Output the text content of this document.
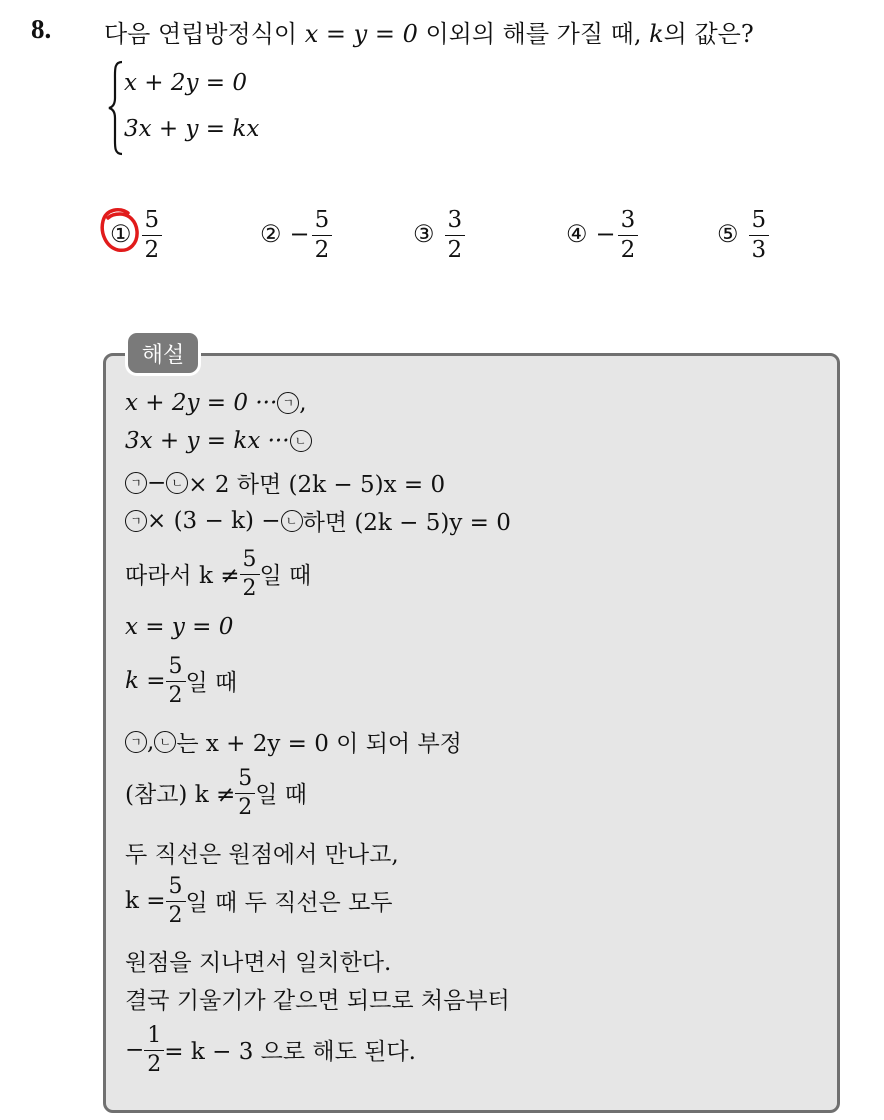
8. 다음 연립방정식이 x = y = 0 이외의 해를 가질 때, k의 값은?
x + 2y = 0
3x + y = kx
① $\frac{5}{2}$	② − $\frac{5}{2}$	③ $\frac{3}{2}$	④ − $\frac{3}{2}$	⑤ $\frac{5}{3}$
해설
x + 2y = 0 ··· ㄱ ,
3x + y = kx ··· ㄴ
ㄱ − ㄴ × 2 하면 (2k − 5)x = 0
ㄱ × (3 − k) − ㄴ 하면 (2k − 5)y = 0
따라서 $k \ne \frac{5}{2}$ 일 때
x = y = 0
$k = \frac{5}{2}$ 일 때
ㄱ , ㄴ 는 x + 2y = 0 이 되어 부정
(참고) $k \ne \frac{5}{2}$ 일 때
두 직선은 원점에서 만나고,
$k = \frac{5}{2}$ 일 때 두 직선은 모두
원점을 지나면서 일치한다.
결국 기울기가 같으면 되므로 처음부터
− $\frac{1}{2} = k - 3$ 으로 해도 된다.
